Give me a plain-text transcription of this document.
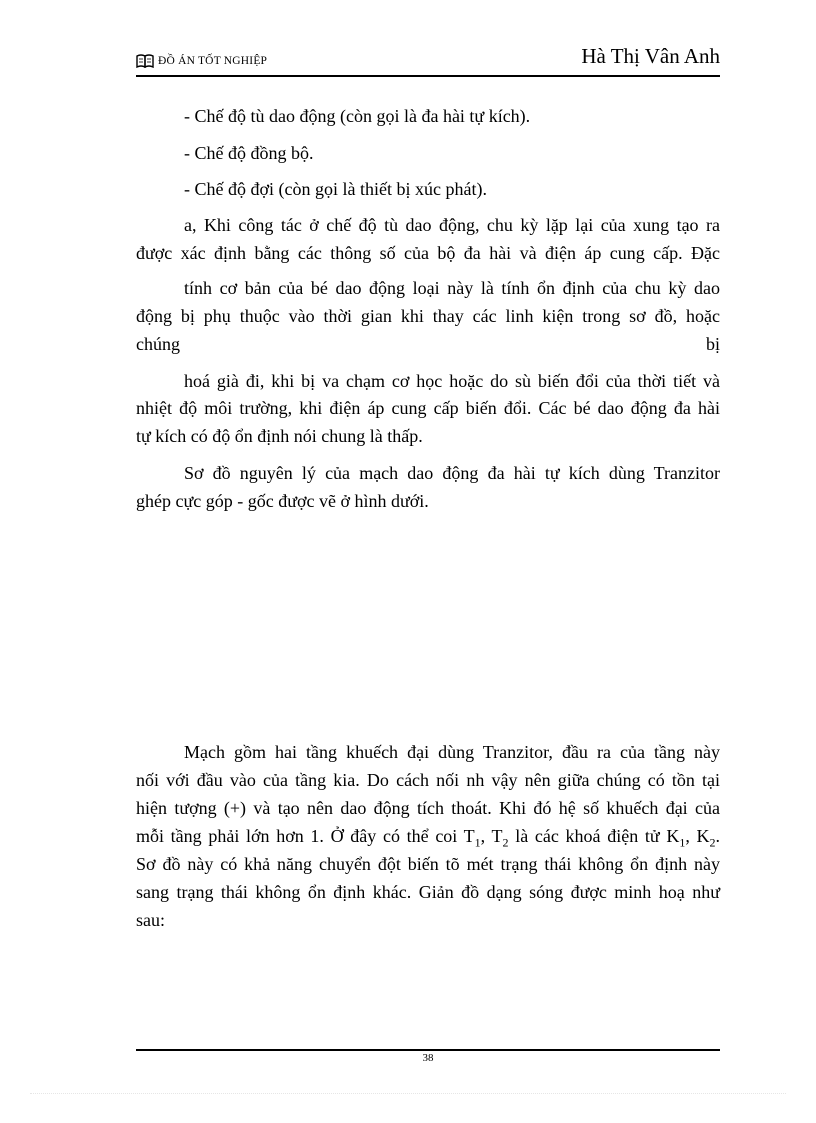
ĐỒ ÁN TỐT NGHIỆP	Hà Thị Vân Anh
- Chế độ tù dao động (còn gọi là đa hài tự kích).
- Chế độ đồng bộ.
- Chế độ đợi (còn gọi là thiết bị xúc phát).
a, Khi công tác ở chế độ tù dao động, chu kỳ lặp lại của xung tạo ra
được xác định bằng các thông số của bộ đa hài và điện áp cung cấp. Đặc
tính cơ bản của bé dao động loại này là tính ổn định của chu kỳ dao
động bị phụ thuộc vào thời gian khi thay các linh kiện trong sơ đồ, hoặc
chúng	bị
hoá già đi, khi bị va chạm cơ học hoặc do sù biến đổi của thời tiết và
nhiệt độ môi trường, khi điện áp cung cấp biến đổi. Các bé dao động đa hài
tự kích có độ ổn định nói chung là thấp.
Sơ đồ nguyên lý của mạch dao động đa hài tự kích dùng Tranzitor
ghép cực góp - gốc được vẽ ở hình dưới.
Mạch gồm hai tầng khuếch đại dùng Tranzitor, đầu ra của tầng này
nối với đầu vào của tầng kia. Do cách nối nh vậy nên giữa chúng có tồn tại
hiện tượng (+) và tạo nên dao động tích thoát. Khi đó hệ số khuếch đại của
mỗi tầng phải lớn hơn 1. Ở đây có thể coi $T_1$, $T_2$ là các khoá điện tử $K_1$, $K_2$.
Sơ đồ này có khả năng chuyển đột biến tõ mét trạng thái không ổn định này
sang trạng thái không ổn định khác. Giản đồ dạng sóng được minh hoạ như
sau:
38
